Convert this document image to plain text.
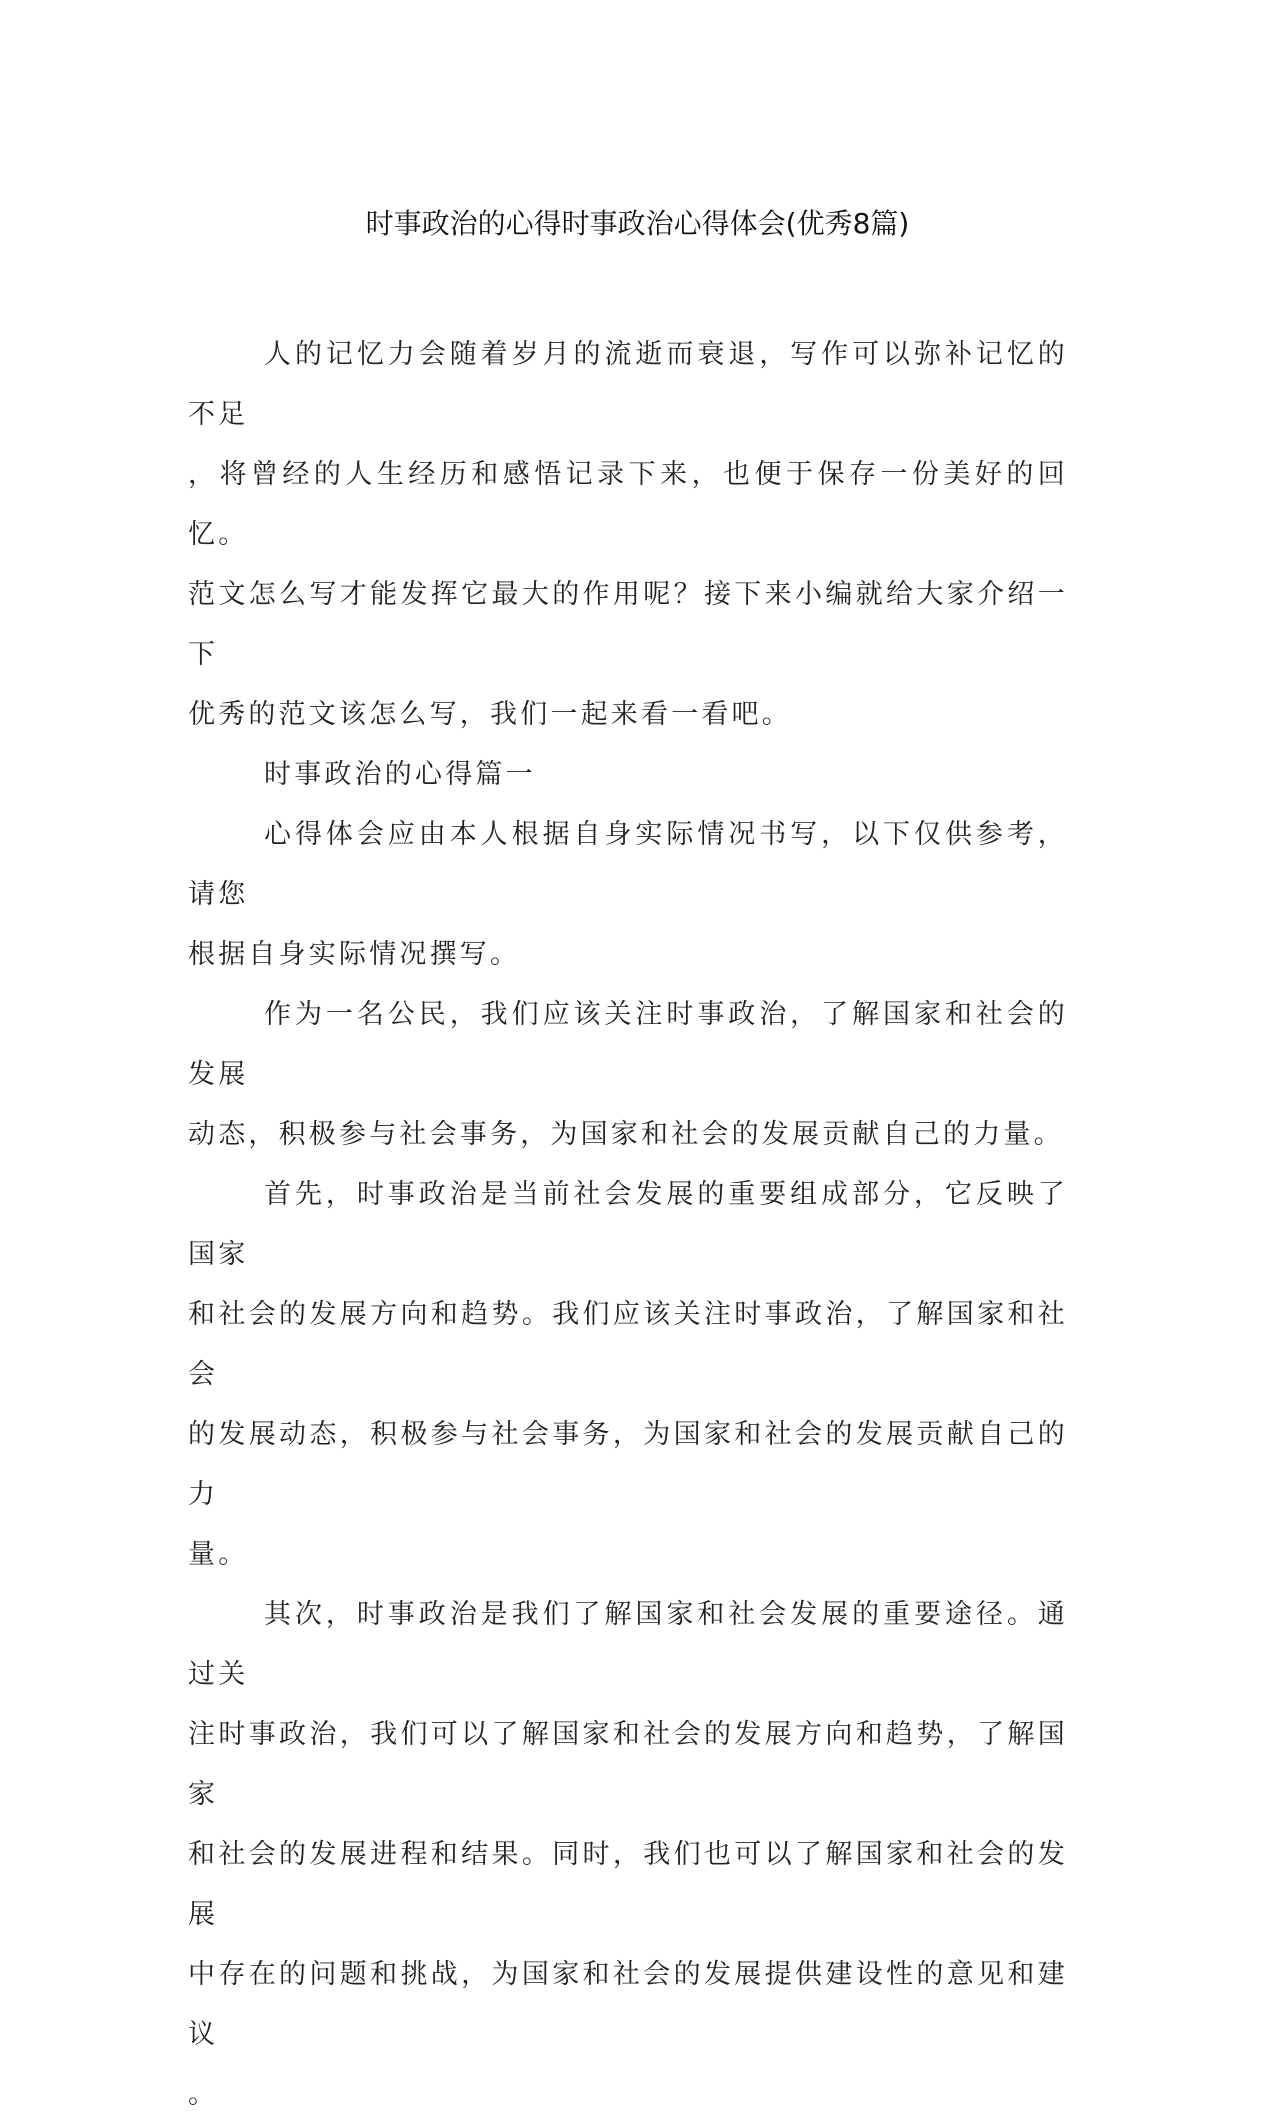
时事政治的心得时事政治心得体会(优秀8篇)

人的记忆力会随着岁月的流逝而衰退，写作可以弥补记忆的不足
，将曾经的人生经历和感悟记录下来，也便于保存一份美好的回忆。
范文怎么写才能发挥它最大的作用呢？接下来小编就给大家介绍一下
优秀的范文该怎么写，我们一起来看一看吧。

时事政治的心得篇一

心得体会应由本人根据自身实际情况书写，以下仅供参考，请您
根据自身实际情况撰写。

作为一名公民，我们应该关注时事政治，了解国家和社会的发展
动态，积极参与社会事务，为国家和社会的发展贡献自己的力量。

首先，时事政治是当前社会发展的重要组成部分，它反映了国家
和社会的发展方向和趋势。我们应该关注时事政治，了解国家和社会
的发展动态，积极参与社会事务，为国家和社会的发展贡献自己的力
量。

其次，时事政治是我们了解国家和社会发展的重要途径。通过关
注时事政治，我们可以了解国家和社会的发展方向和趋势，了解国家
和社会的发展进程和结果。同时，我们也可以了解国家和社会的发展
中存在的问题和挑战，为国家和社会的发展提供建设性的意见和建议
。
